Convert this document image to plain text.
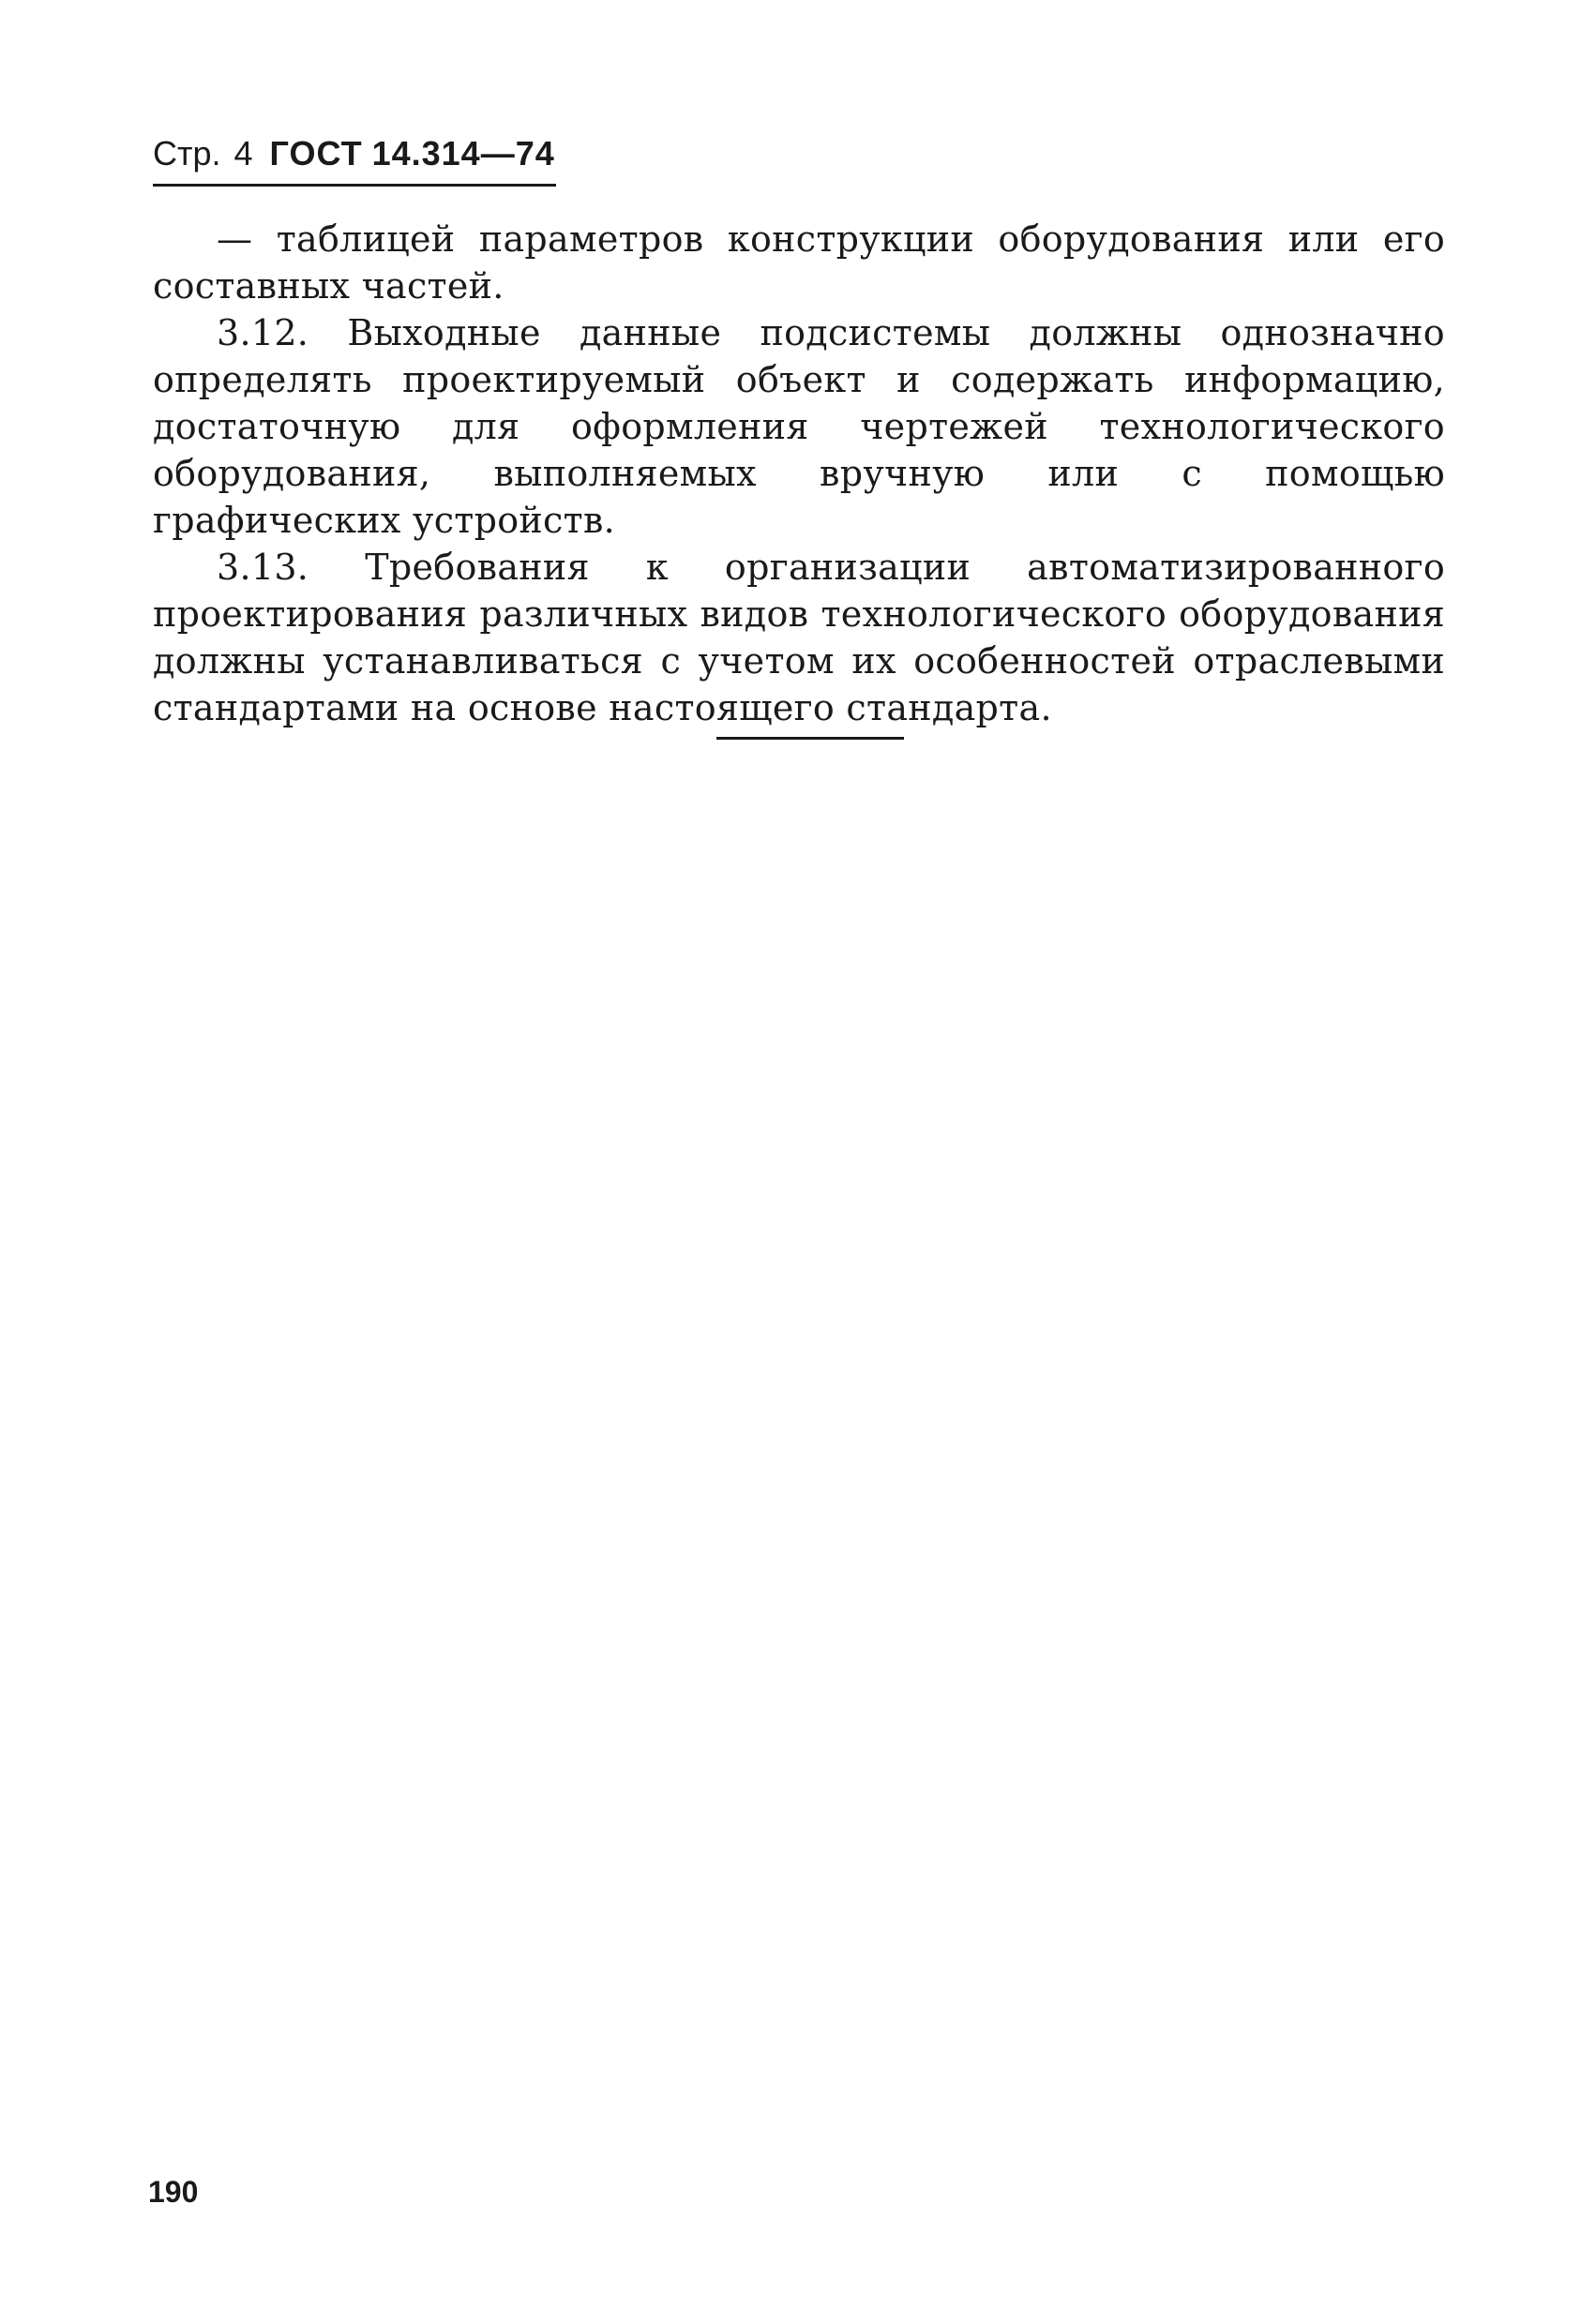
Стр. 4 ГОСТ 14.314—74

— таблицей параметров конструкции оборудования или его составных частей.

3.12. Выходные данные подсистемы должны однозначно определять проектируемый объект и содержать информацию, достаточную для оформления чертежей технологического оборудования, выполняемых вручную или с помощью графических устройств.

3.13. Требования к организации автоматизированного проектирования различных видов технологического оборудования должны устанавливаться с учетом их особенностей отраслевыми стандартами на основе настоящего стандарта.

190
